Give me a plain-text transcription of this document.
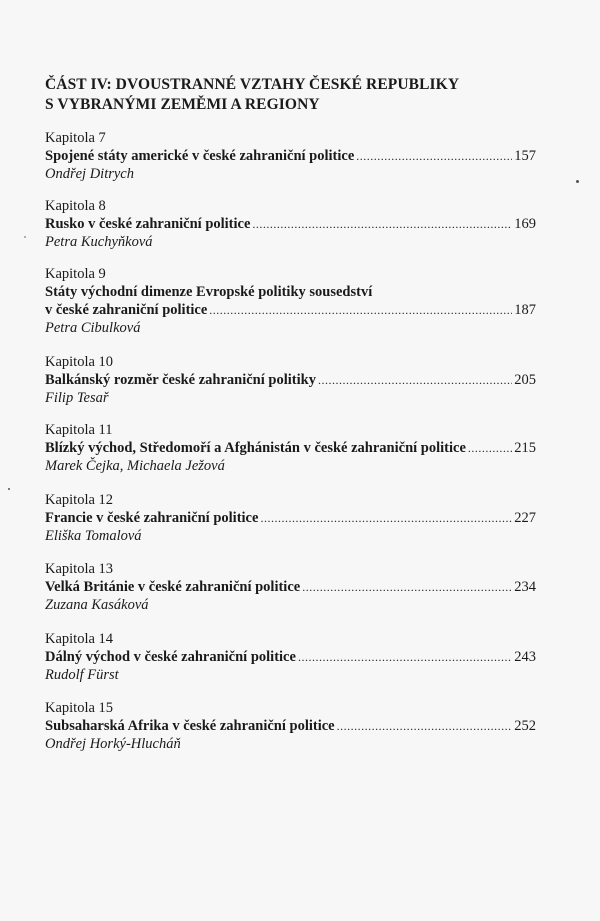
ČÁST IV: DVOUSTRANNÉ VZTAHY ČESKÉ REPUBLIKY
S VYBRANÝMI ZEMĚMI A REGIONY
Kapitola 7
Spojené státy americké v české zahraniční politice .....	157
Ondřej Ditrych
Kapitola 8
Rusko v české zahraniční politice .....	169
Petra Kuchyňková
Kapitola 9
Státy východní dimenze Evropské politiky sousedství
v české zahraniční politice .....	187
Petra Cibulková
Kapitola 10
Balkánský rozměr české zahraniční politiky .....	205
Filip Tesař
Kapitola 11
Blízký východ, Středomoří a Afghánistán v české zahraniční politice .....	215
Marek Čejka, Michaela Ježová
Kapitola 12
Francie v české zahraniční politice .....	227
Eliška Tomalová
Kapitola 13
Velká Británie v české zahraniční politice .....	234
Zuzana Kasáková
Kapitola 14
Dálný východ v české zahraniční politice .....	243
Rudolf Fürst
Kapitola 15
Subsaharská Afrika v české zahraniční politice .....	252
Ondřej Horký-Hlucháň
